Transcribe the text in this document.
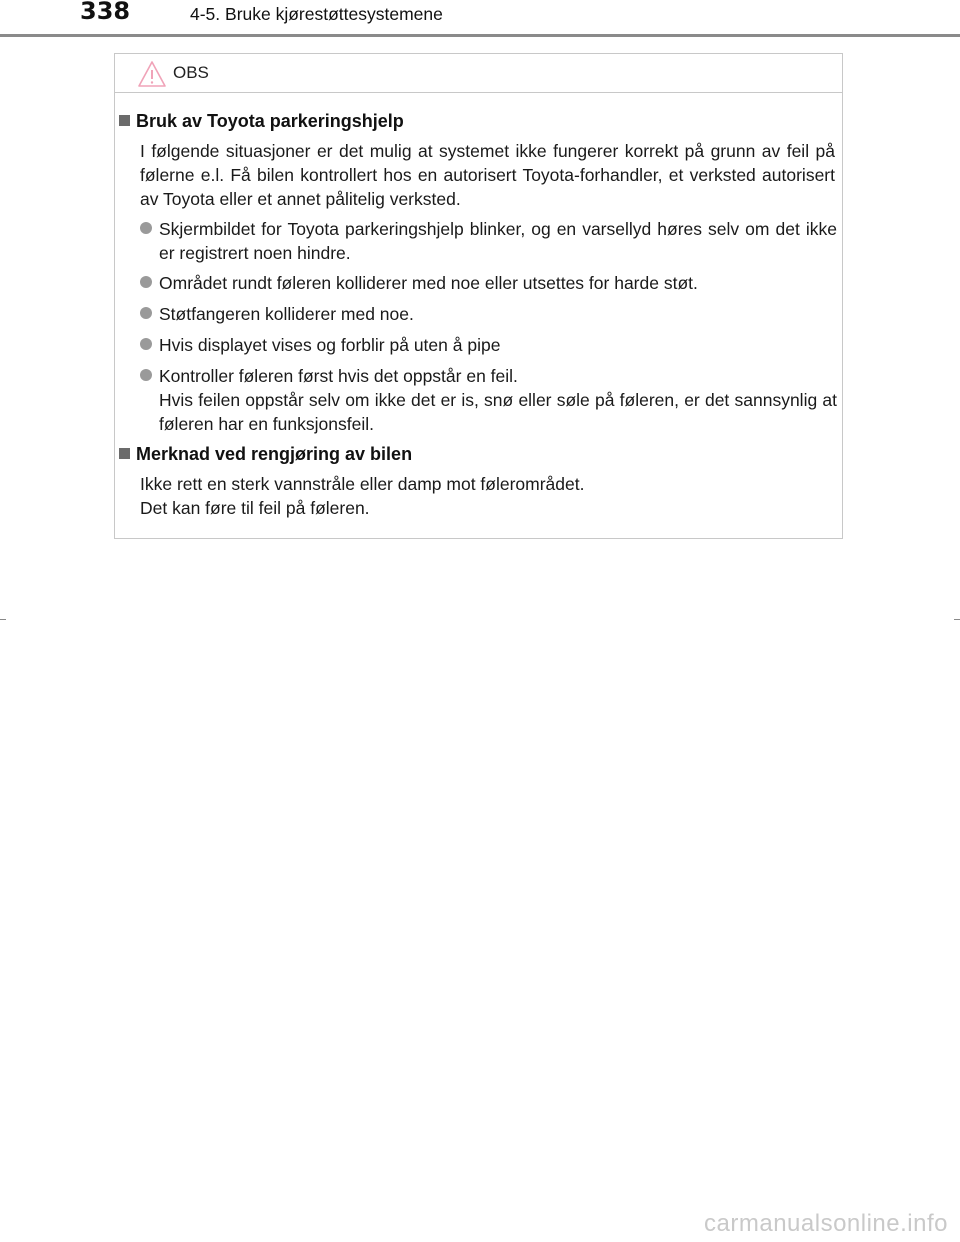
338	4-5. Bruke kjørestøttesystemene
OBS
Bruk av Toyota parkeringshjelp
I følgende situasjoner er det mulig at systemet ikke fungerer korrekt på grunn av feil på følerne e.l. Få bilen kontrollert hos en autorisert Toyota-forhandler, et verksted autorisert av Toyota eller et annet pålitelig verksted.
Skjermbildet for Toyota parkeringshjelp blinker, og en varsellyd høres selv om det ikke er registrert noen hindre.
Området rundt føleren kolliderer med noe eller utsettes for harde støt.
Støtfangeren kolliderer med noe.
Hvis displayet vises og forblir på uten å pipe
Kontroller føleren først hvis det oppstår en feil.
Hvis feilen oppstår selv om ikke det er is, snø eller søle på føleren, er det sannsynlig at føleren har en funksjonsfeil.
Merknad ved rengjøring av bilen
Ikke rett en sterk vannstråle eller damp mot følerområdet.
Det kan føre til feil på føleren.
carmanualsonline.info
